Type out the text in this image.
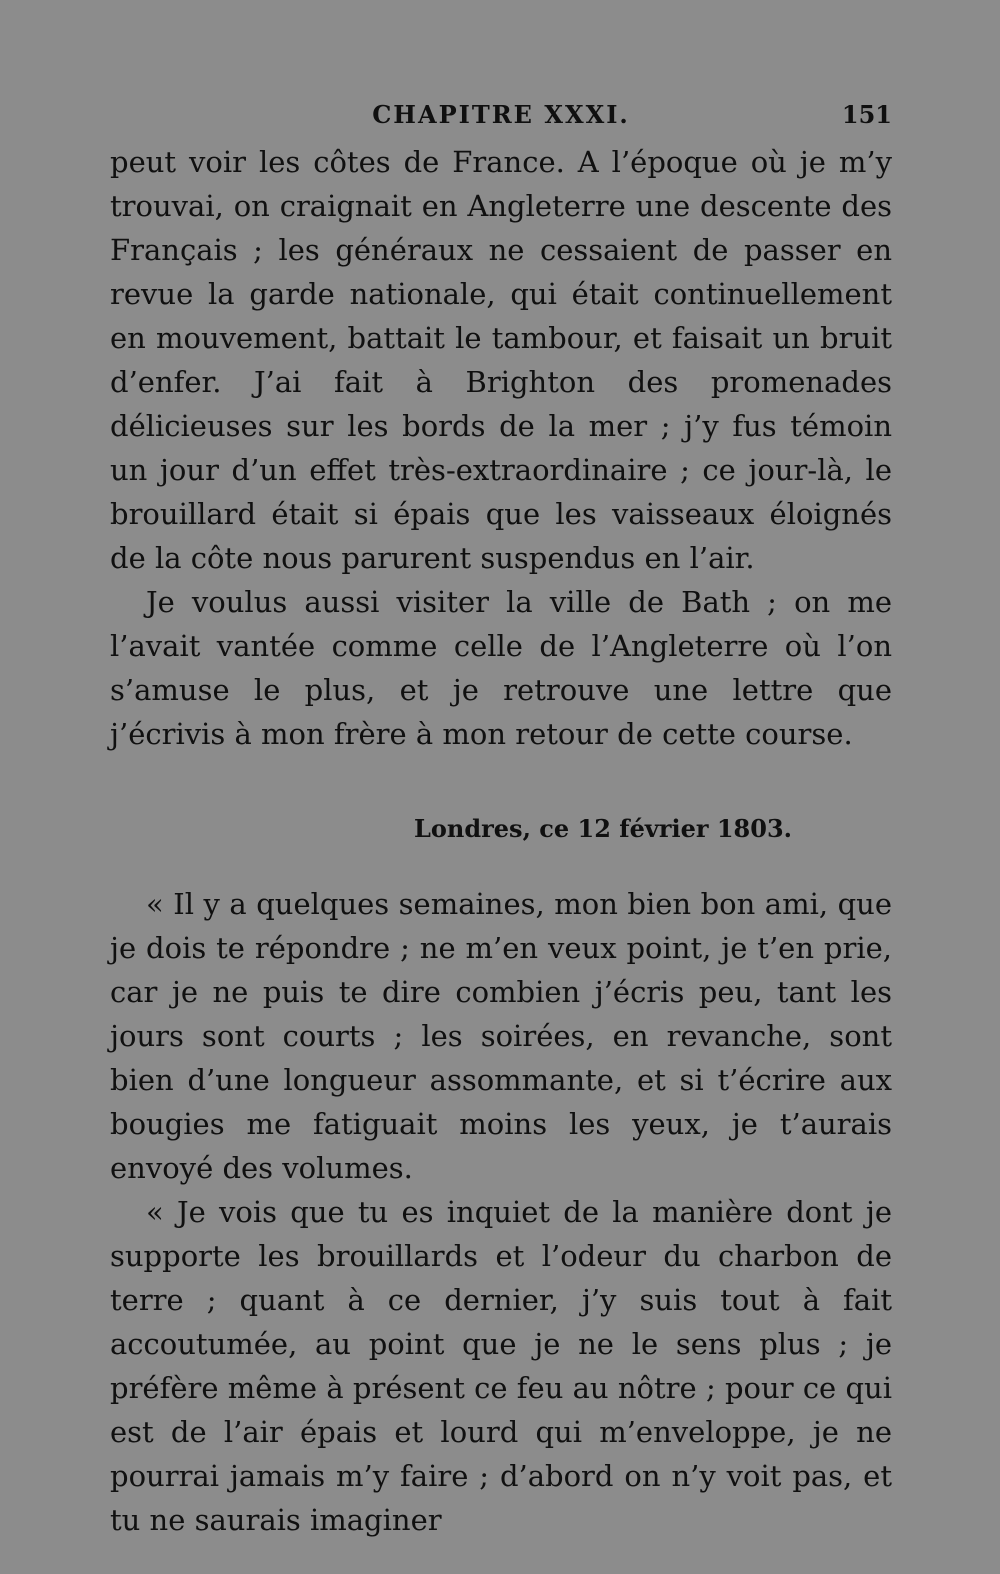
CHAPITRE XXXI.	151

peut voir les côtes de France. A l’époque où je m’y trouvai, on craignait en Angleterre une descente des Français ; les généraux ne cessaient de passer en revue la garde nationale, qui était continuellement en mouvement, battait le tambour, et faisait un bruit d’enfer. J’ai fait à Brighton des promenades délicieuses sur les bords de la mer ; j’y fus témoin un jour d’un effet très-extraordinaire ; ce jour-là, le brouillard était si épais que les vaisseaux éloignés de la côte nous parurent suspendus en l’air.

Je voulus aussi visiter la ville de Bath ; on me l’avait vantée comme celle de l’Angleterre où l’on s’amuse le plus, et je retrouve une lettre que j’écrivis à mon frère à mon retour de cette course.

Londres, ce 12 février 1803.

« Il y a quelques semaines, mon bien bon ami, que je dois te répondre ; ne m’en veux point, je t’en prie, car je ne puis te dire combien j’écris peu, tant les jours sont courts ; les soirées, en revanche, sont bien d’une longueur assommante, et si t’écrire aux bougies me fatiguait moins les yeux, je t’aurais envoyé des volumes.

« Je vois que tu es inquiet de la manière dont je supporte les brouillards et l’odeur du charbon de terre ; quant à ce dernier, j’y suis tout à fait accoutumée, au point que je ne le sens plus ; je préfère même à présent ce feu au nôtre ; pour ce qui est de l’air épais et lourd qui m’enveloppe, je ne pourrai jamais m’y faire ; d’abord on n’y voit pas, et tu ne saurais imaginer
